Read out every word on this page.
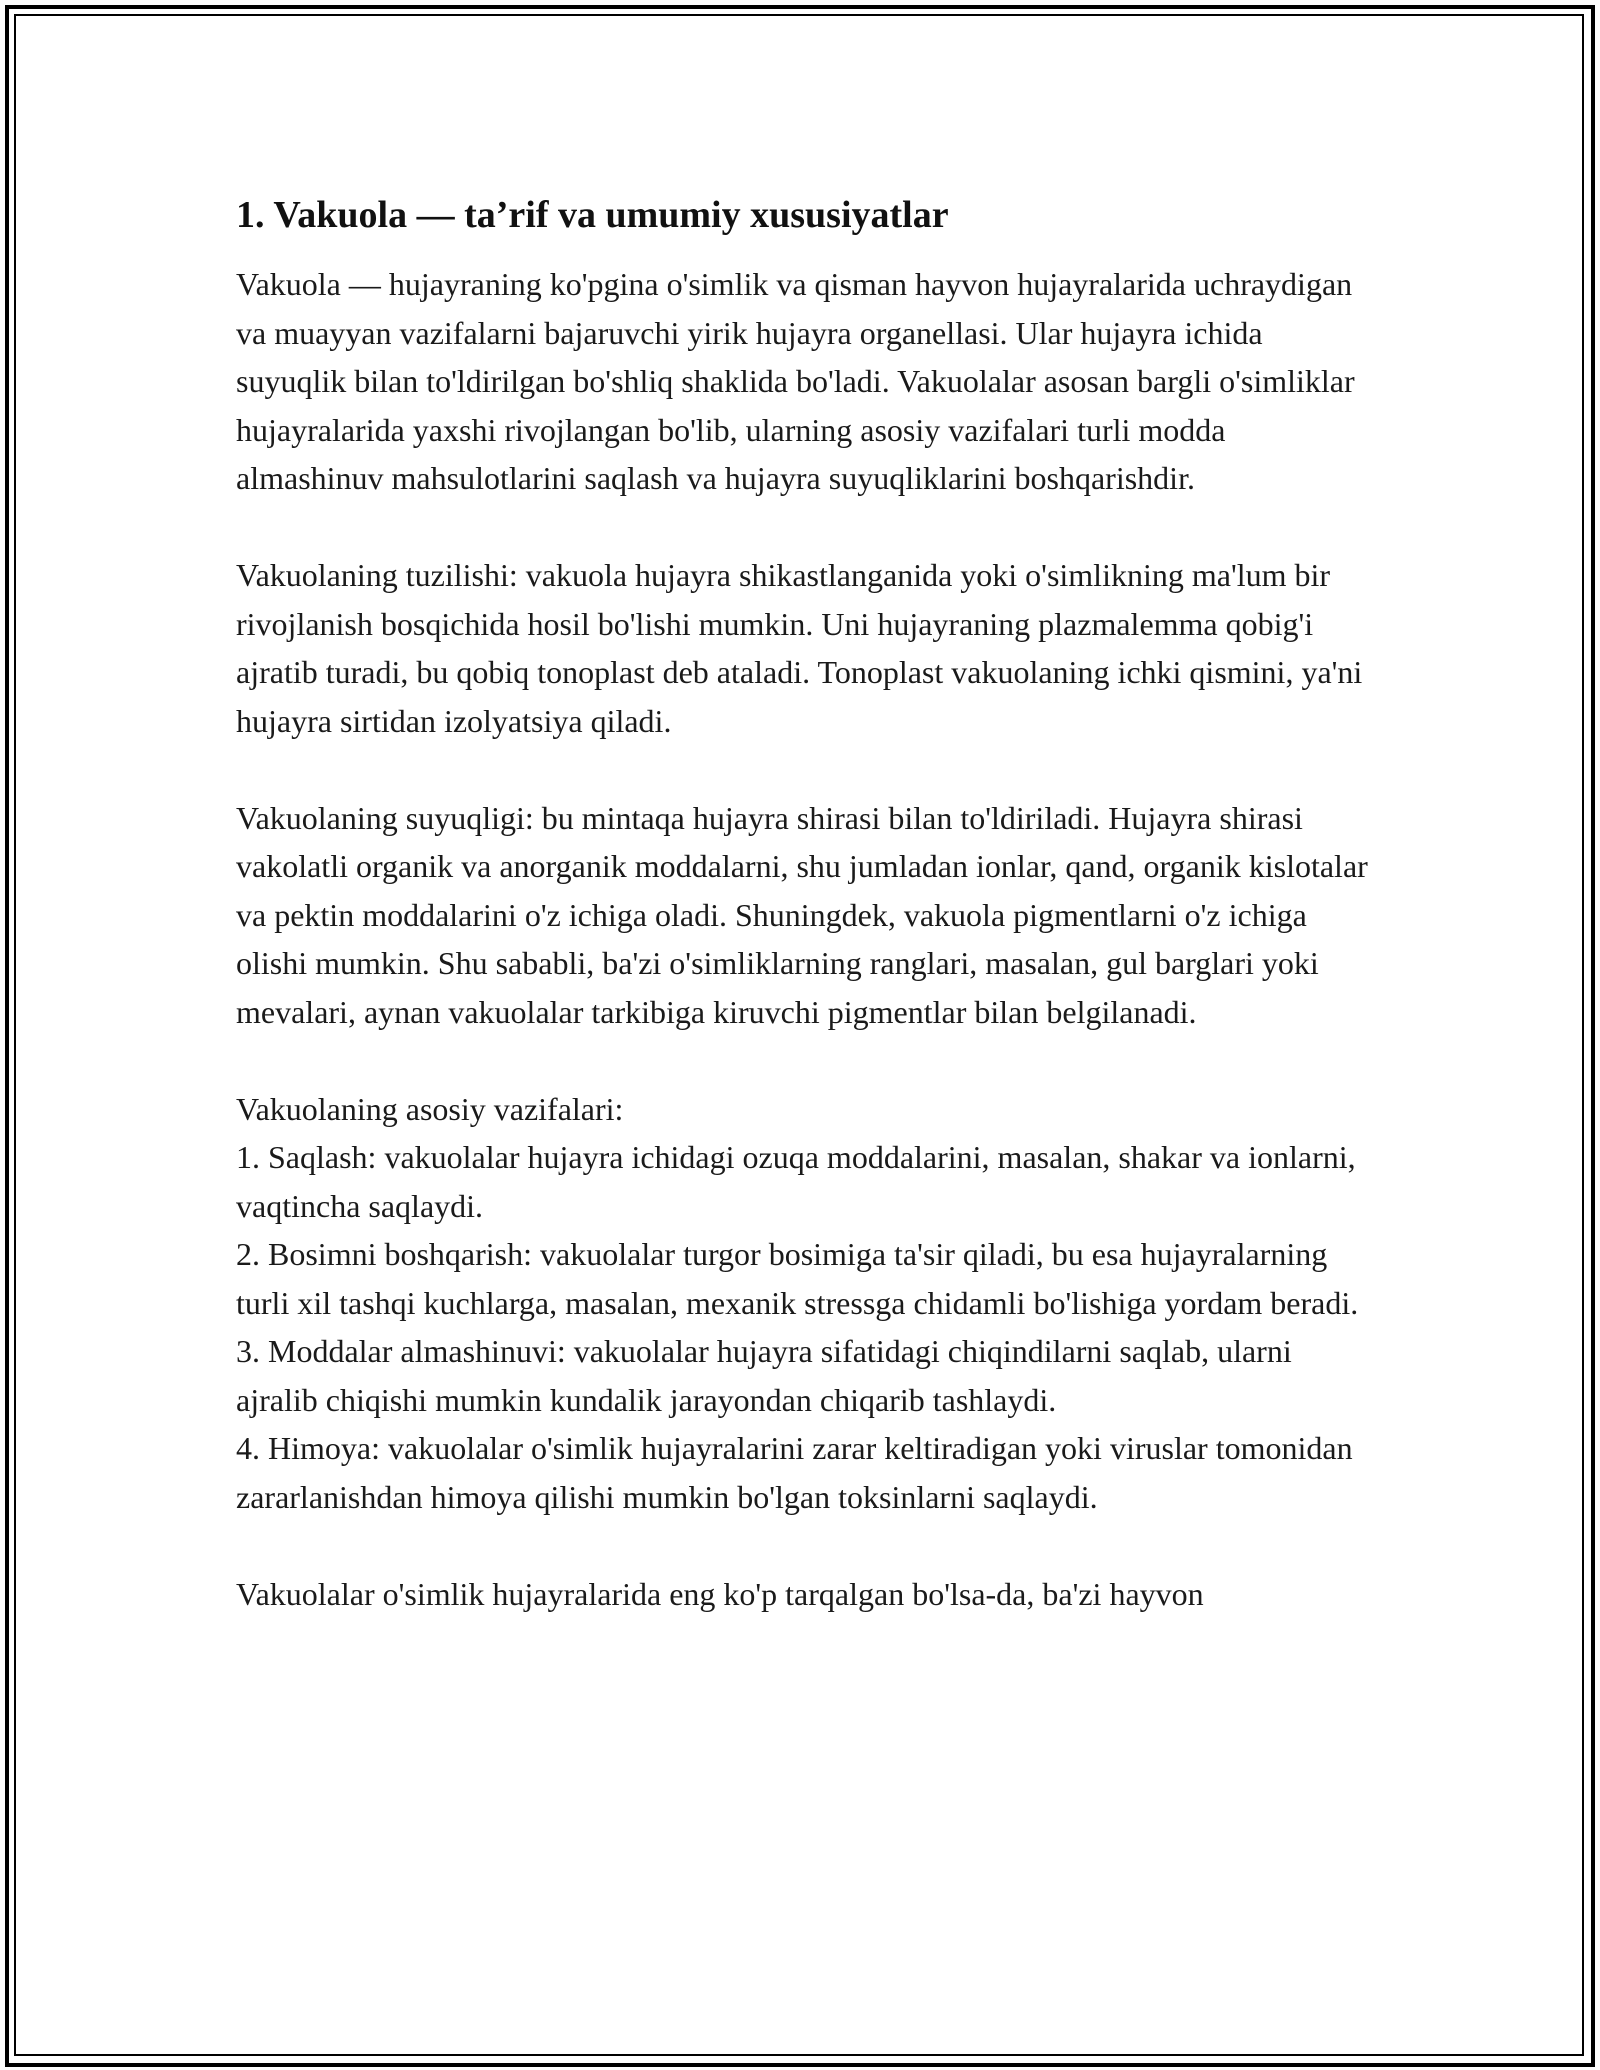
1. Vakuola — ta’rif va umumiy xususiyatlar

Vakuola — hujayraning ko'pgina o'simlik va qisman hayvon hujayralarida uchraydigan va muayyan vazifalarni bajaruvchi yirik hujayra organellasi. Ular hujayra ichida suyuqlik bilan to'ldirilgan bo'shliq shaklida bo'ladi. Vakuolalar asosan bargli o'simliklar hujayralarida yaxshi rivojlangan bo'lib, ularning asosiy vazifalari turli modda almashinuv mahsulotlarini saqlash va hujayra suyuqliklarini boshqarishdir.

Vakuolaning tuzilishi: vakuola hujayra shikastlanganida yoki o'simlikning ma'lum bir rivojlanish bosqichida hosil bo'lishi mumkin. Uni hujayraning plazmalemma qobig'i ajratib turadi, bu qobiq tonoplast deb ataladi. Tonoplast vakuolaning ichki qismini, ya'ni hujayra sirtidan izolyatsiya qiladi.

Vakuolaning suyuqligi: bu mintaqa hujayra shirasi bilan to'ldiriladi. Hujayra shirasi vakolatli organik va anorganik moddalarni, shu jumladan ionlar, qand, organik kislotalar va pektin moddalarini o'z ichiga oladi. Shuningdek, vakuola pigmentlarni o'z ichiga olishi mumkin. Shu sababli, ba'zi o'simliklarning ranglari, masalan, gul barglari yoki mevalari, aynan vakuolalar tarkibiga kiruvchi pigmentlar bilan belgilanadi.

Vakuolaning asosiy vazifalari:
1. Saqlash: vakuolalar hujayra ichidagi ozuqa moddalarini, masalan, shakar va ionlarni, vaqtincha saqlaydi.
2. Bosimni boshqarish: vakuolalar turgor bosimiga ta'sir qiladi, bu esa hujayralarning turli xil tashqi kuchlarga, masalan, mexanik stressga chidamli bo'lishiga yordam beradi.
3. Moddalar almashinuvi: vakuolalar hujayra sifatidagi chiqindilarni saqlab, ularni ajralib chiqishi mumkin kundalik jarayondan chiqarib tashlaydi.
4. Himoya: vakuolalar o'simlik hujayralarini zarar keltiradigan yoki viruslar tomonidan zararlanishdan himoya qilishi mumkin bo'lgan toksinlarni saqlaydi.

Vakuolalar o'simlik hujayralarida eng ko'p tarqalgan bo'lsa-da, ba'zi hayvon
